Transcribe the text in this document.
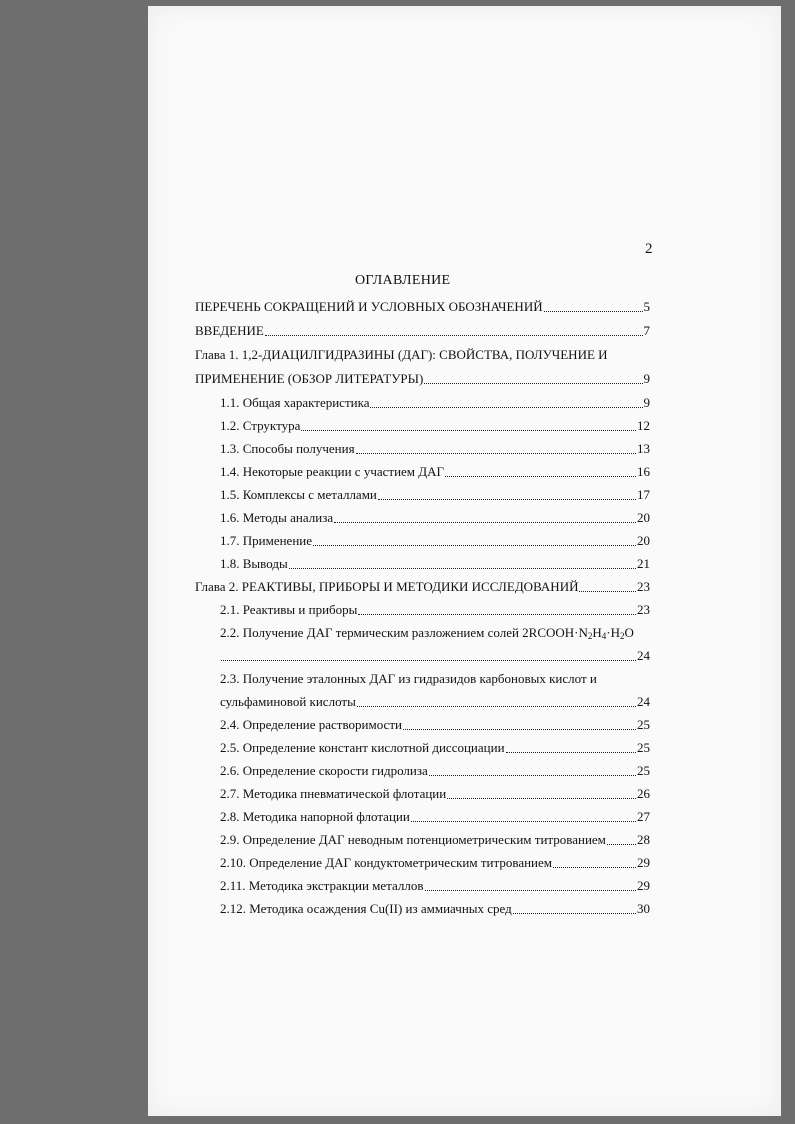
2
ОГЛАВЛЕНИЕ
ПЕРЕЧЕНЬ СОКРАЩЕНИЙ И УСЛОВНЫХ ОБОЗНАЧЕНИЙ	5
ВВЕДЕНИЕ	7
Глава 1. 1,2-ДИАЦИЛГИДРАЗИНЫ (ДАГ): СВОЙСТВА, ПОЛУЧЕНИЕ И
ПРИМЕНЕНИЕ (ОБЗОР ЛИТЕРАТУРЫ)	9
1.1. Общая характеристика	9
1.2. Структура	12
1.3. Способы получения	13
1.4. Некоторые реакции с участием ДАГ	16
1.5. Комплексы с металлами	17
1.6. Методы анализа	20
1.7. Применение	20
1.8. Выводы	21
Глава 2. РЕАКТИВЫ, ПРИБОРЫ И МЕТОДИКИ ИССЛЕДОВАНИЙ	23
2.1. Реактивы и приборы	23
2.2. Получение ДАГ термическим разложением солей $2RCOOH\cdot N_2H_4\cdot H_2O$
24
2.3. Получение эталонных ДАГ из гидразидов карбоновых кислот и
сульфаминовой кислоты	24
2.4. Определение растворимости	25
2.5. Определение констант кислотной диссоциации	25
2.6. Определение скорости гидролиза	25
2.7. Методика пневматической флотации	26
2.8. Методика напорной флотации	27
2.9. Определение ДАГ неводным потенциометрическим титрованием 28
2.10. Определение ДАГ кондуктометрическим титрованием	29
2.11. Методика экстракции металлов	29
2.12. Методика осаждения Cu(II) из аммиачных сред	30
